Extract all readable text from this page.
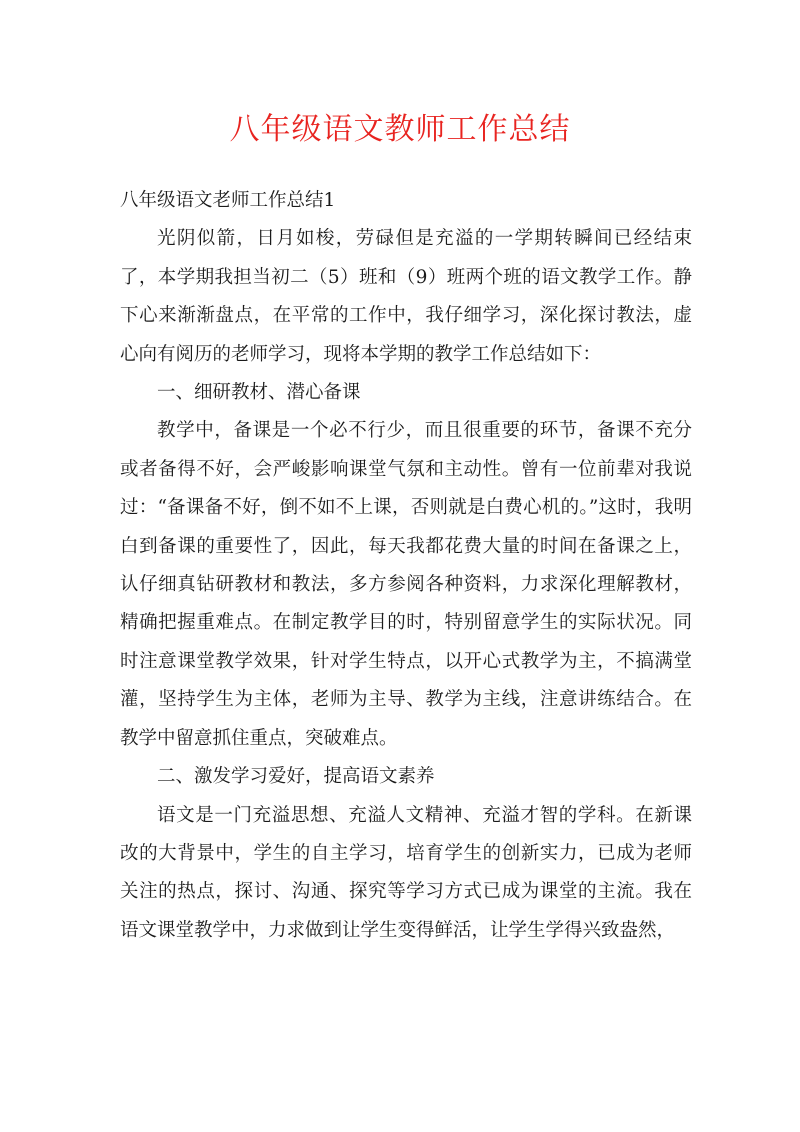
八年级语文教师工作总结

八年级语文老师工作总结1

光阴似箭，日月如梭，劳碌但是充溢的一学期转瞬间已经结束了，本学期我担当初二（5）班和（9）班两个班的语文教学工作。静下心来渐渐盘点，在平常的工作中，我仔细学习，深化探讨教法，虚心向有阅历的老师学习，现将本学期的教学工作总结如下：

一、细研教材、潜心备课

教学中，备课是一个必不行少，而且很重要的环节，备课不充分或者备得不好，会严峻影响课堂气氛和主动性。曾有一位前辈对我说过：“备课备不好，倒不如不上课，否则就是白费心机的。”这时，我明白到备课的重要性了，因此，每天我都花费大量的时间在备课之上，认仔细真钻研教材和教法，多方参阅各种资料，力求深化理解教材，精确把握重难点。在制定教学目的时，特别留意学生的实际状况。同时注意课堂教学效果，针对学生特点，以开心式教学为主，不搞满堂灌，坚持学生为主体，老师为主导、教学为主线，注意讲练结合。在教学中留意抓住重点，突破难点。

二、激发学习爱好，提高语文素养

语文是一门充溢思想、充溢人文精神、充溢才智的学科。在新课改的大背景中，学生的自主学习，培育学生的创新实力，已成为老师关注的热点，探讨、沟通、探究等学习方式已成为课堂的主流。我在语文课堂教学中，力求做到让学生变得鲜活，让学生学得兴致盎然，
